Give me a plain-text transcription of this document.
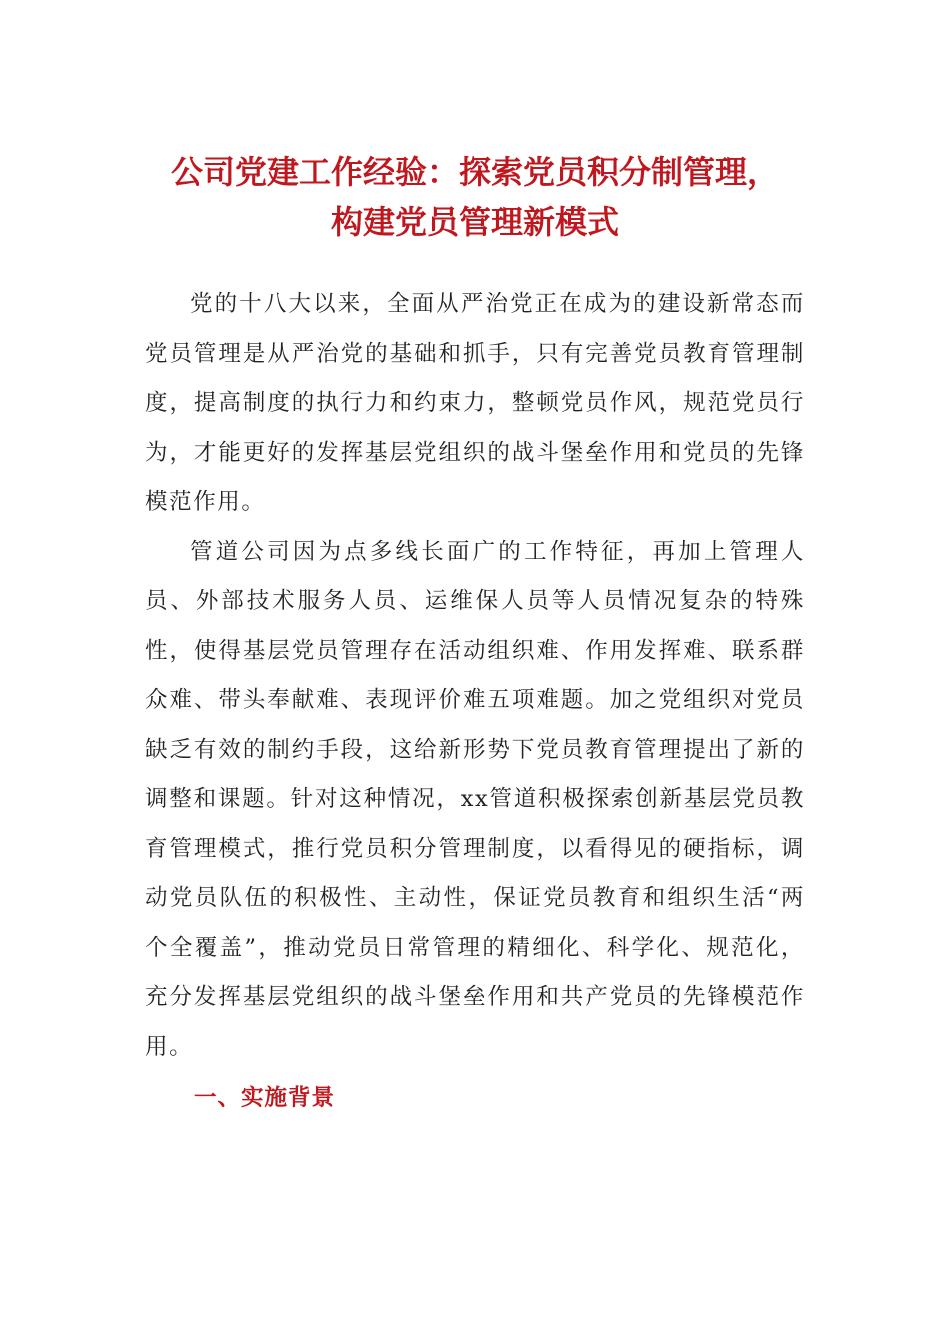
公司党建工作经验：探索党员积分制管理，
构建党员管理新模式

党的十八大以来，全面从严治党正在成为的建设新常态而党员管理是从严治党的基础和抓手，只有完善党员教育管理制度，提高制度的执行力和约束力，整顿党员作风，规范党员行为，才能更好的发挥基层党组织的战斗堡垒作用和党员的先锋模范作用。

管道公司因为点多线长面广的工作特征，再加上管理人员、外部技术服务人员、运维保人员等人员情况复杂的特殊性，使得基层党员管理存在活动组织难、作用发挥难、联系群众难、带头奉献难、表现评价难五项难题。加之党组织对党员缺乏有效的制约手段，这给新形势下党员教育管理提出了新的调整和课题。针对这种情况，xx管道积极探索创新基层党员教育管理模式，推行党员积分管理制度，以看得见的硬指标，调动党员队伍的积极性、主动性，保证党员教育和组织生活“两个全覆盖”，推动党员日常管理的精细化、科学化、规范化，充分发挥基层党组织的战斗堡垒作用和共产党员的先锋模范作用。

一、实施背景
